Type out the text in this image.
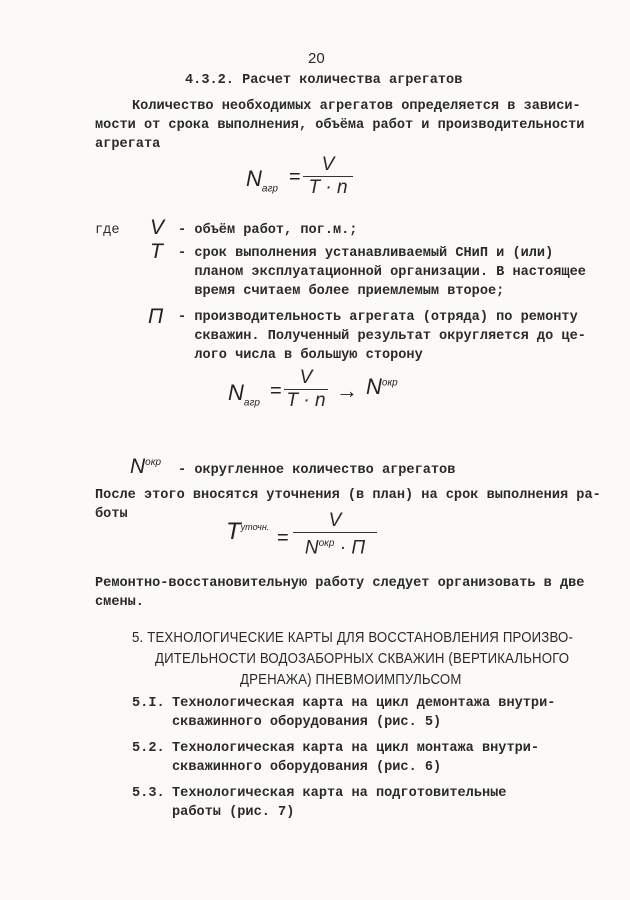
20
4.3.2. Расчет количества агрегатов
Количество необходимых агрегатов определяется в зависи-
мости от срока выполнения, объёма работ и производительности
агрегата
$N_{агр}$
=
V
T · n
где V - объём работ, пог.м.;
T - срок выполнения устанавливаемый СНиП и (или)
планом эксплуатационной организации. В настоящее
время считаем более приемлемым второе;
П - производительность агрегата (отряда) по ремонту
скважин. Полученный результат округляется до це-
лого числа в большую сторону
$N_{агр}$
=
V
$T \cdot n \to N^{окр}$
$N^{окр}$
- округленное количество агрегатов
После этого вносятся уточнения (в план) на срок выполнения ра-
боты
$T^{уточн.}$ =
V
$N^{окр} \cdot П$
Ремонтно-восстановительную работу следует организовать в две
смены.
5. ТЕХНОЛОГИЧЕСКИЕ КАРТЫ ДЛЯ ВОССТАНОВЛЕНИЯ ПРОИЗВО-
ДИТЕЛЬНОСТИ ВОДОЗАБОРНЫХ СКВАЖИН (ВЕРТИКАЛЬНОГО
ДРЕНАЖА) ПНЕВМОИМПУЛЬСОМ
5.I. Технологическая карта на цикл демонтажа внутри-
скважинного оборудования (рис. 5)
5.2. Технологическая карта на цикл монтажа внутри-
скважинного оборудования (рис. 6)
5.3. Технологическая карта на подготовительные
работы (рис. 7)
